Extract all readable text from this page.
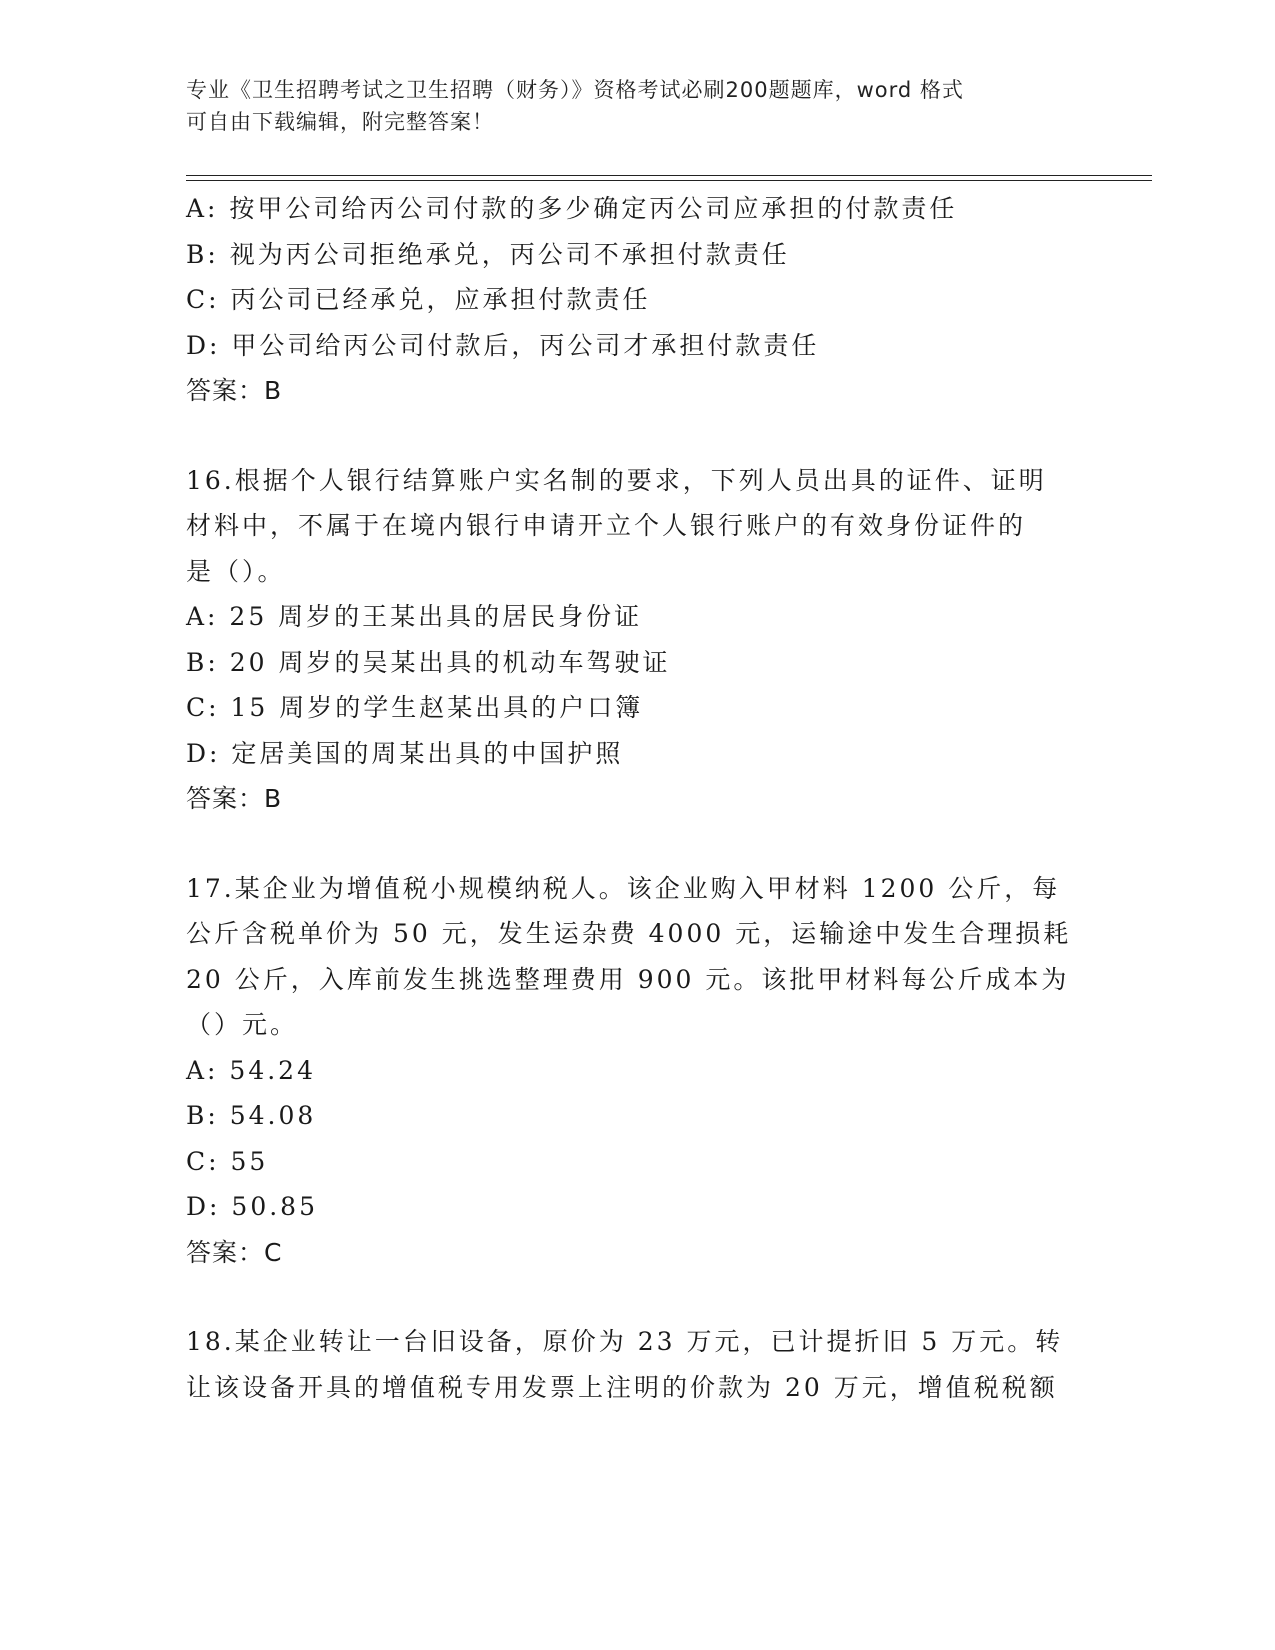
专业《卫生招聘考试之卫生招聘（财务）》资格考试必刷200题题库，word 格式
可自由下载编辑，附完整答案！
A: 按甲公司给丙公司付款的多少确定丙公司应承担的付款责任
B: 视为丙公司拒绝承兑，丙公司不承担付款责任
C: 丙公司已经承兑，应承担付款责任
D: 甲公司给丙公司付款后，丙公司才承担付款责任
答案：B
16.根据个人银行结算账户实名制的要求，下列人员出具的证件、证明
材料中，不属于在境内银行申请开立个人银行账户的有效身份证件的
是（）。
A: 25 周岁的王某出具的居民身份证
B: 20 周岁的吴某出具的机动车驾驶证
C: 15 周岁的学生赵某出具的户口簿
D: 定居美国的周某出具的中国护照
答案：B
17.某企业为增值税小规模纳税人。该企业购入甲材料 1200 公斤，每
公斤含税单价为 50 元，发生运杂费 4000 元，运输途中发生合理损耗
20 公斤，入库前发生挑选整理费用 900 元。该批甲材料每公斤成本为
（）元。
A: 54.24
B: 54.08
C: 55
D: 50.85
答案：C
18.某企业转让一台旧设备，原价为 23 万元，已计提折旧 5 万元。转
让该设备开具的增值税专用发票上注明的价款为 20 万元，增值税税额
